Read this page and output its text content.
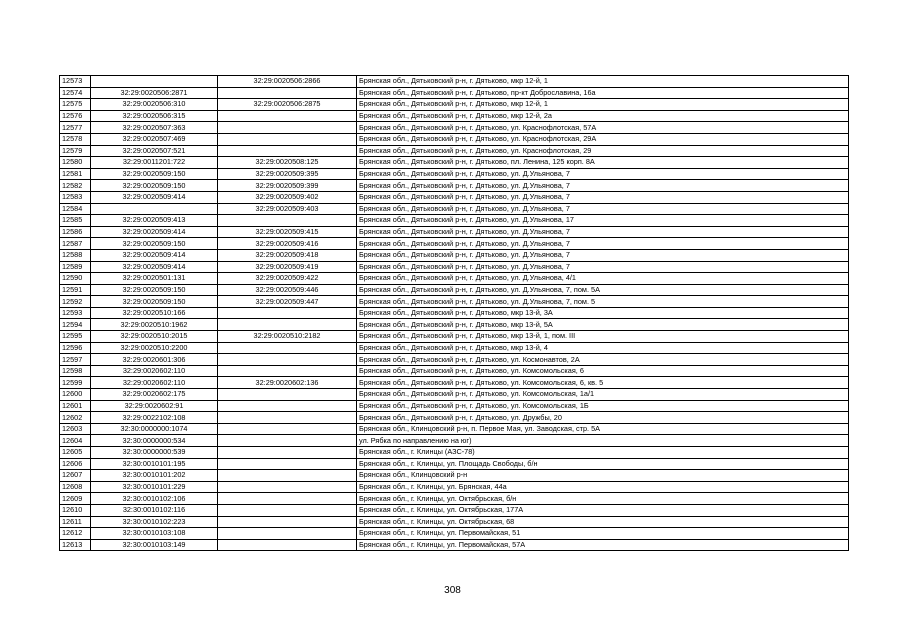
12573		32:29:0020506:2866	Брянская обл., Дятьковский р-н, г. Дятьково, мкр 12-й, 1
12574	32:29:0020506:2871		Брянская обл., Дятьковский р-н, г. Дятьково, пр-кт Доброславина, 16а
12575	32:29:0020506:310	32:29:0020506:2875	Брянская обл., Дятьковский р-н, г. Дятьково, мкр 12-й, 1
12576	32:29:0020506:315		Брянская обл., Дятьковский р-н, г. Дятьково, мкр 12-й, 2а
12577	32:29:0020507:363		Брянская обл., Дятьковский р-н, г. Дятьково, ул. Краснофлотская, 57А
12578	32:29:0020507:469		Брянская обл., Дятьковский р-н, г. Дятьково, ул. Краснофлотская, 29А
12579	32:29:0020507:521		Брянская обл., Дятьковский р-н, г. Дятьково, ул. Краснофлотская, 29
12580	32:29:0011201:722	32:29:0020508:125	Брянская обл., Дятьковский р-н, г. Дятьково, пл. Ленина, 125 корп. 8А
12581	32:29:0020509:150	32:29:0020509:395	Брянская обл., Дятьковский р-н, г. Дятьково, ул. Д.Ульянова, 7
12582	32:29:0020509:150	32:29:0020509:399	Брянская обл., Дятьковский р-н, г. Дятьково, ул. Д.Ульянова, 7
12583	32:29:0020509:414	32:29:0020509:402	Брянская обл., Дятьковский р-н, г. Дятьково, ул. Д.Ульянова, 7
12584		32:29:0020509:403	Брянская обл., Дятьковский р-н, г. Дятьково, ул. Д.Ульянова, 7
12585	32:29:0020509:413		Брянская обл., Дятьковский р-н, г. Дятьково, ул. Д.Ульянова, 17
12586	32:29:0020509:414	32:29:0020509:415	Брянская обл., Дятьковский р-н, г. Дятьково, ул. Д.Ульянова, 7
12587	32:29:0020509:150	32:29:0020509:416	Брянская обл., Дятьковский р-н, г. Дятьково, ул. Д.Ульянова, 7
12588	32:29:0020509:414	32:29:0020509:418	Брянская обл., Дятьковский р-н, г. Дятьково, ул. Д.Ульянова, 7
12589	32:29:0020509:414	32:29:0020509:419	Брянская обл., Дятьковский р-н, г. Дятьково, ул. Д.Ульянова, 7
12590	32:29:0020501:131	32:29:0020509:422	Брянская обл., Дятьковский р-н, г. Дятьково, ул. Д.Ульянова, 4/1
12591	32:29:0020509:150	32:29:0020509:446	Брянская обл., Дятьковский р-н, г. Дятьково, ул. Д.Ульянова, 7, пом. 5А
12592	32:29:0020509:150	32:29:0020509:447	Брянская обл., Дятьковский р-н, г. Дятьково, ул. Д.Ульянова, 7, пом. 5
12593	32:29:0020510:166		Брянская обл., Дятьковский р-н, г. Дятьково, мкр 13-й, 3А
12594	32:29:0020510:1962		Брянская обл., Дятьковский р-н, г. Дятьково, мкр 13-й, 5А
12595	32:29:0020510:2015	32:29:0020510:2182	Брянская обл., Дятьковский р-н, г. Дятьково, мкр 13-й, 1, пом. III
12596	32:29:0020510:2200		Брянская обл., Дятьковский р-н, г. Дятьково, мкр 13-й, 4
12597	32:29:0020601:306		Брянская обл., Дятьковский р-н, г. Дятьково, ул. Космонавтов, 2А
12598	32:29:0020602:110		Брянская обл., Дятьковский р-н, г. Дятьково, ул. Комсомольская, 6
12599	32:29:0020602:110	32:29:0020602:136	Брянская обл., Дятьковский р-н, г. Дятьково, ул. Комсомольская, 6, кв. 5
12600	32:29:0020602:175		Брянская обл., Дятьковский р-н, г. Дятьково, ул. Комсомольская, 1а/1
12601	32:29:0020602:91		Брянская обл., Дятьковский р-н, г. Дятьково, ул. Комсомольская, 1Б
12602	32:29:0022102:108		Брянская обл., Дятьковский р-н, г. Дятьково, ул. Дружбы, 20
12603	32:30:0000000:1074		Брянская обл., Клинцовский р-н, п. Первое Мая, ул. Заводская, стр. 5А
12604	32:30:0000000:534		ул. Рябка по направлению на юг)
12605	32:30:0000000:539		Брянская обл., г. Клинцы (АЗС-78)
12606	32:30:0010101:195		Брянская обл., г. Клинцы, ул. Площадь Свободы, б/н
12607	32:30:0010101:202		Брянская обл., Клинцовский р-н
12608	32:30:0010101:229		Брянская обл., г. Клинцы, ул. Брянская, 44а
12609	32:30:0010102:106		Брянская обл., г. Клинцы, ул. Октябрьская, б/н
12610	32:30:0010102:116		Брянская обл., г. Клинцы, ул. Октябрьская, 177А
12611	32:30:0010102:223		Брянская обл., г. Клинцы, ул. Октябрьская, 68
12612	32:30:0010103:108		Брянская обл., г. Клинцы, ул. Первомайская, 51
12613	32:30:0010103:149		Брянская обл., г. Клинцы, ул. Первомайская, 57А
308
